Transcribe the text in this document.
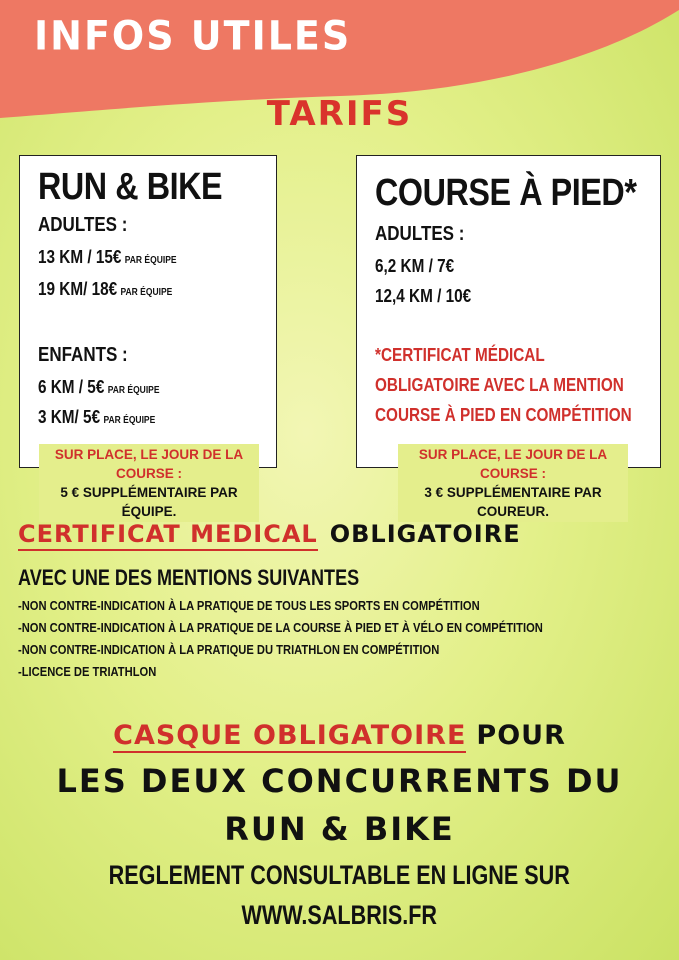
INFOS UTILES
TARIFS
RUN & BIKE
ADULTES :
13 KM / 15€ PAR ÉQUIPE
19 KM/ 18€ PAR ÉQUIPE
ENFANTS :
6 KM / 5€ PAR ÉQUIPE
3 KM/ 5€ PAR ÉQUIPE
SUR PLACE, LE JOUR DE LA COURSE :
5 € SUPPLÉMENTAIRE PAR ÉQUIPE.
COURSE À PIED*
ADULTES :
6,2 KM / 7€
12,4 KM / 10€
*CERTIFICAT MÉDICAL
OBLIGATOIRE AVEC LA MENTION
COURSE À PIED EN COMPÉTITION
SUR PLACE, LE JOUR DE LA COURSE :
3 € SUPPLÉMENTAIRE PAR COUREUR.
CERTIFICAT MEDICAL OBLIGATOIRE
AVEC UNE DES MENTIONS SUIVANTES
-NON CONTRE-INDICATION À LA PRATIQUE DE TOUS LES SPORTS EN COMPÉTITION
-NON CONTRE-INDICATION À LA PRATIQUE DE LA COURSE À PIED ET À VÉLO EN COMPÉTITION
-NON CONTRE-INDICATION À LA PRATIQUE DU TRIATHLON EN COMPÉTITION
-LICENCE DE TRIATHLON
CASQUE OBLIGATOIRE POUR
LES DEUX CONCURRENTS DU
RUN & BIKE
REGLEMENT CONSULTABLE EN LIGNE SUR
WWW.SALBRIS.FR
